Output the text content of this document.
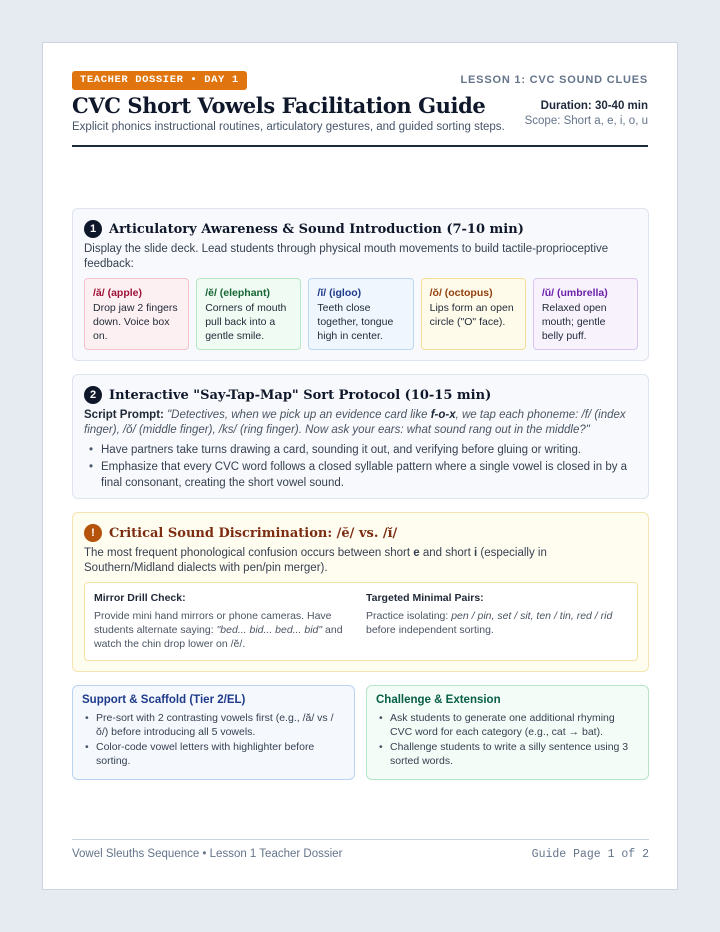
TEACHER DOSSIER • DAY 1	LESSON 1: CVC SOUND CLUES
CVC Short Vowels Facilitation Guide
Explicit phonics instructional routines, articulatory gestures, and guided sorting steps.
Duration: 30-40 min
Scope: Short a, e, i, o, u
1 Articulatory Awareness & Sound Introduction (7-10 min)
Display the slide deck. Lead students through physical mouth movements to build tactile-proprioceptive feedback:
/ă/ (apple)
Drop jaw 2 fingers down. Voice box on.
/ĕ/ (elephant)
Corners of mouth pull back into a gentle smile.
/ĭ/ (igloo)
Teeth close together, tongue high in center.
/ŏ/ (octopus)
Lips form an open circle ("O" face).
/ŭ/ (umbrella)
Relaxed open mouth; gentle belly puff.
2 Interactive "Say-Tap-Map" Sort Protocol (10-15 min)
Script Prompt: "Detectives, when we pick up an evidence card like f-o-x, we tap each phoneme: /f/ (index finger), /ŏ/ (middle finger), /ks/ (ring finger). Now ask your ears: what sound rang out in the middle?"
• Have partners take turns drawing a card, sounding it out, and verifying before gluing or writing.
• Emphasize that every CVC word follows a closed syllable pattern where a single vowel is closed in by a final consonant, creating the short vowel sound.
!	Critical Sound Discrimination: /ĕ/ vs. /ĭ/
The most frequent phonological confusion occurs between short e and short i (especially in Southern/Midland dialects with pen/pin merger).
Mirror Drill Check:
Provide mini hand mirrors or phone cameras. Have students alternate saying: "bed... bid... bed... bid" and watch the chin drop lower on /ĕ/.
Targeted Minimal Pairs:
Practice isolating: pen / pin, set / sit, ten / tin, red / rid before independent sorting.
Support & Scaffold (Tier 2/EL)
• Pre-sort with 2 contrasting vowels first (e.g., /ă/ vs /ŏ/) before introducing all 5 vowels.
• Color-code vowel letters with highlighter before sorting.
Challenge & Extension
• Ask students to generate one additional rhyming CVC word for each category (e.g., cat → bat).
• Challenge students to write a silly sentence using 3 sorted words.
Vowel Sleuths Sequence • Lesson 1 Teacher Dossier	Guide Page 1 of 2
